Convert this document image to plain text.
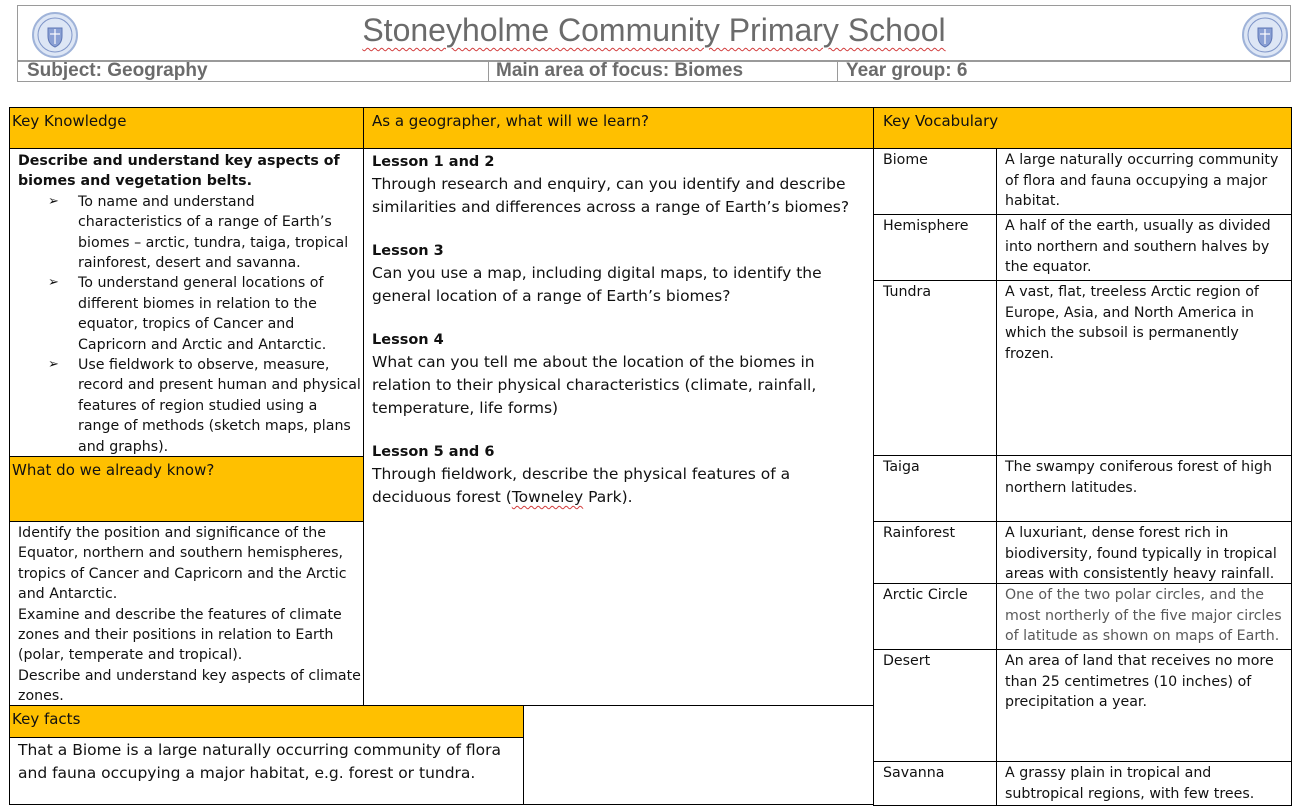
Stoneyholme Community Primary School
Subject: Geography	Main area of focus: Biomes	Year group: 6
Key Knowledge
Describe and understand key aspects of biomes and vegetation belts.
➢ To name and understand characteristics of a range of Earth’s biomes – arctic, tundra, taiga, tropical rainforest, desert and savanna.
➢ To understand general locations of different biomes in relation to the equator, tropics of Cancer and Capricorn and Arctic and Antarctic.
➢ Use fieldwork to observe, measure, record and present human and physical features of region studied using a range of methods (sketch maps, plans and graphs).
What do we already know?
Identify the position and significance of the Equator, northern and southern hemispheres, tropics of Cancer and Capricorn and the Arctic and Antarctic.
Examine and describe the features of climate zones and their positions in relation to Earth (polar, temperate and tropical).
Describe and understand key aspects of climate zones.
Key facts
That a Biome is a large naturally occurring community of flora and fauna occupying a major habitat, e.g. forest or tundra.
As a geographer, what will we learn?
Lesson 1 and 2
Through research and enquiry, can you identify and describe similarities and differences across a range of Earth’s biomes?
Lesson 3
Can you use a map, including digital maps, to identify the general location of a range of Earth’s biomes?
Lesson 4
What can you tell me about the location of the biomes in relation to their physical characteristics (climate, rainfall, temperature, life forms)
Lesson 5 and 6
Through fieldwork, describe the physical features of a deciduous forest (Towneley Park).
Key Vocabulary
Biome	A large naturally occurring community of flora and fauna occupying a major habitat.
Hemisphere	A half of the earth, usually as divided into northern and southern halves by the equator.
Tundra	A vast, flat, treeless Arctic region of Europe, Asia, and North America in which the subsoil is permanently frozen.
Taiga	The swampy coniferous forest of high northern latitudes.
Rainforest	A luxuriant, dense forest rich in biodiversity, found typically in tropical areas with consistently heavy rainfall.
Arctic Circle	One of the two polar circles, and the most northerly of the five major circles of latitude as shown on maps of Earth.
Desert	An area of land that receives no more than 25 centimetres (10 inches) of precipitation a year.
Savanna	A grassy plain in tropical and subtropical regions, with few trees.
